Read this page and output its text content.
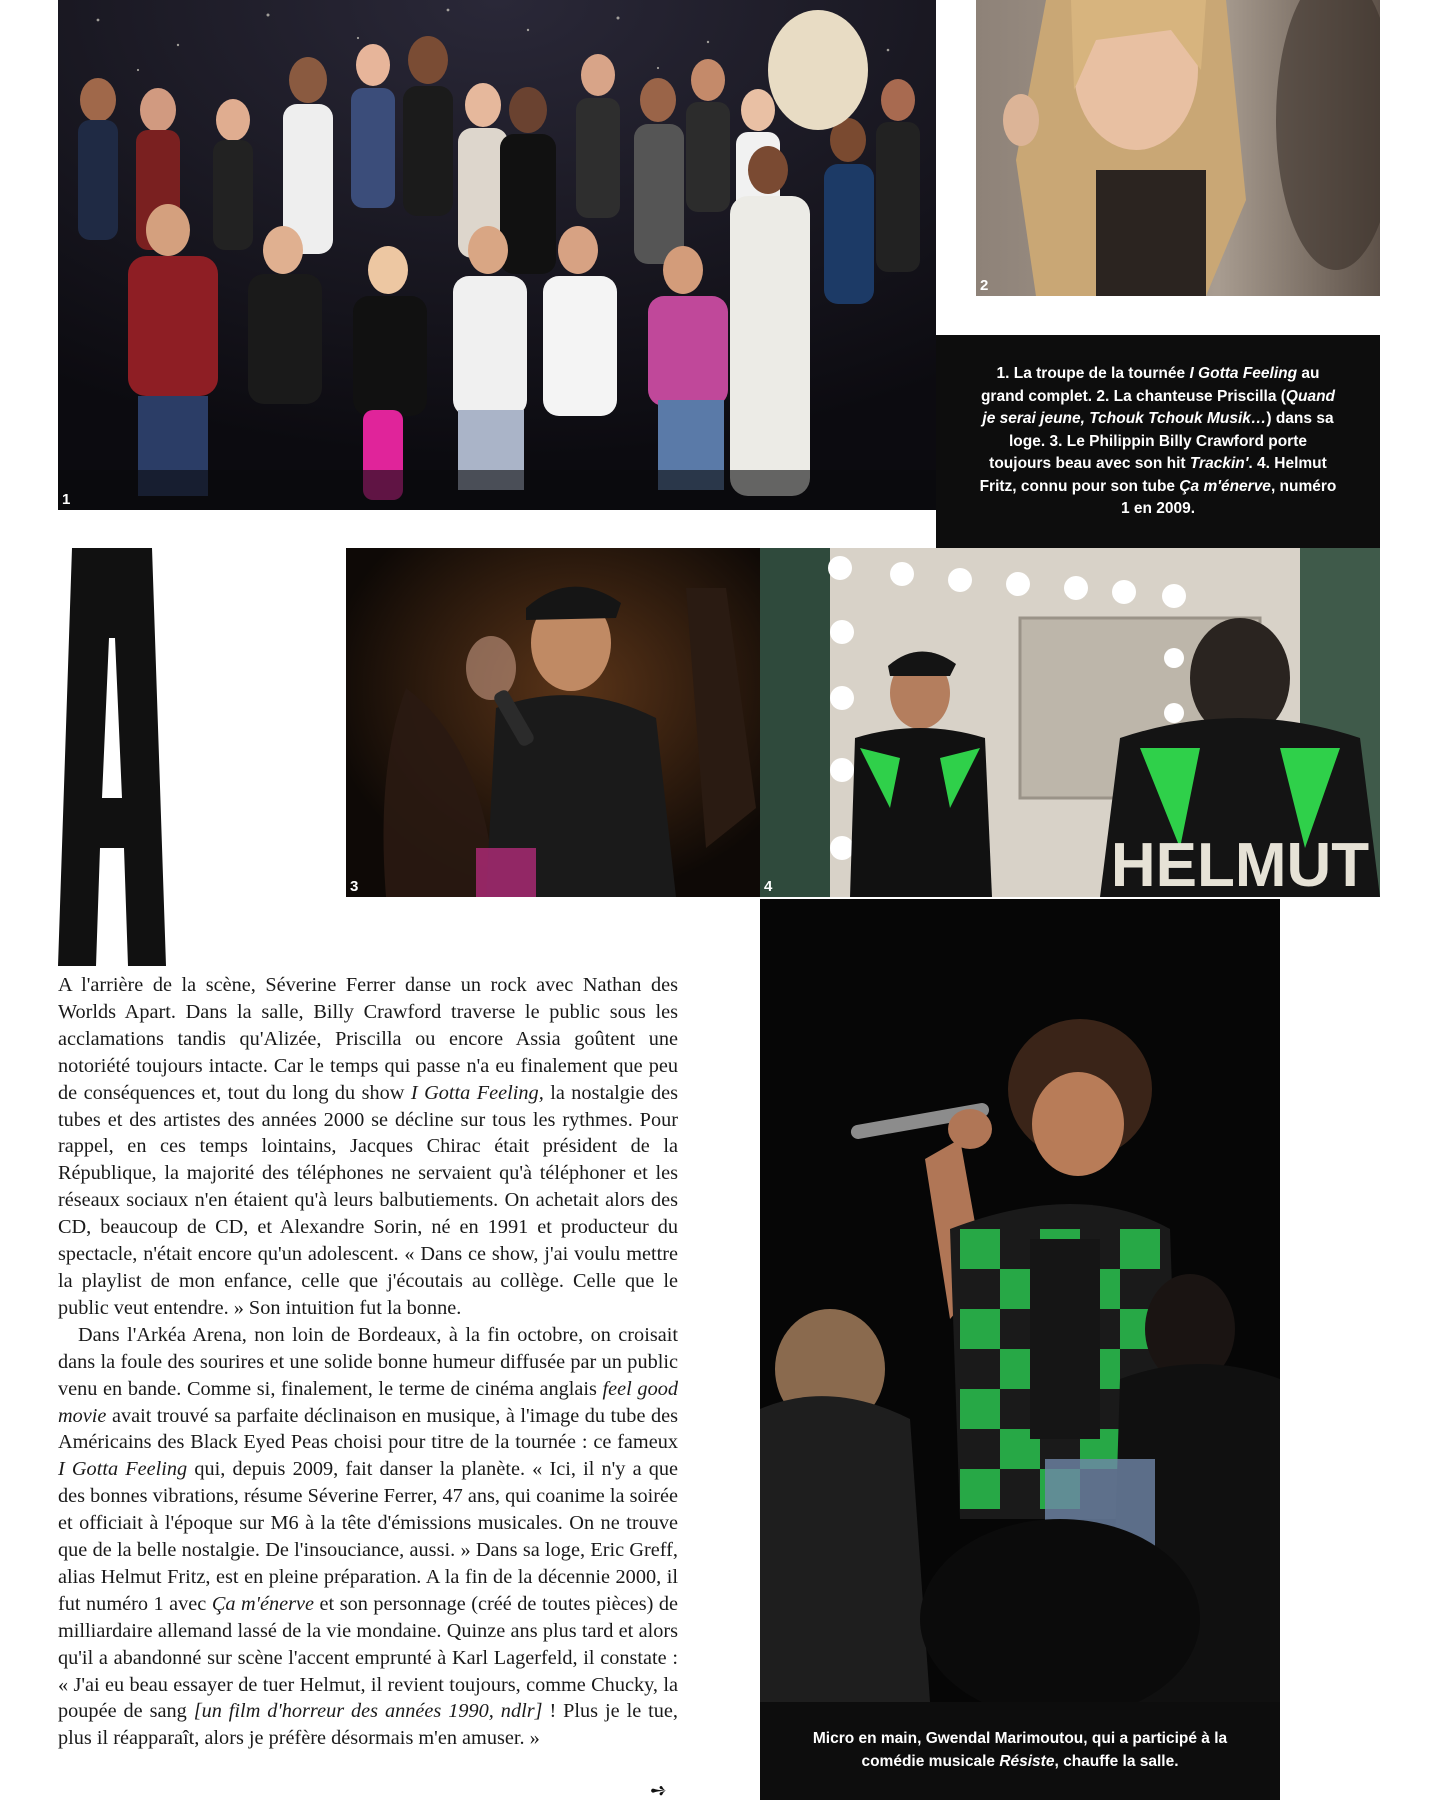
1
2
1. La troupe de la tournée I Gotta Feeling au grand complet. 2. La chanteuse Priscilla (Quand je serai jeune, Tchouk Tchouk Musik…) dans sa loge. 3. Le Philippin Billy Crawford porte toujours beau avec son hit Trackin'. 4. Helmut Fritz, connu pour son tube Ça m'énerve, numéro 1 en 2009.
3	HELMUT
4
Micro en main, Gwendal Marimoutou, qui a participé à la comédie musicale Résiste, chauffe la salle.

A l'arrière de la scène, Séverine Ferrer danse un rock avec Nathan des Worlds Apart. Dans la salle, Billy Crawford traverse le public sous les acclamations tandis qu'Alizée, Priscilla ou encore Assia goûtent une notoriété toujours intacte. Car le temps qui passe n'a eu finalement que peu de conséquences et, tout du long du show I Gotta Feeling, la nostalgie des tubes et des artistes des années 2000 se décline sur tous les rythmes. Pour rappel, en ces temps lointains, Jacques Chirac était président de la République, la majorité des téléphones ne servaient qu'à téléphoner et les réseaux sociaux n'en étaient qu'à leurs balbutiements. On achetait alors des CD, beaucoup de CD, et Alexandre Sorin, né en 1991 et producteur du spectacle, n'était encore qu'un adolescent. « Dans ce show, j'ai voulu mettre la playlist de mon enfance, celle que j'écoutais au collège. Celle que le public veut entendre. » Son intuition fut la bonne.

Dans l'Arkéa Arena, non loin de Bordeaux, à la fin octobre, on croisait dans la foule des sourires et une solide bonne humeur diffusée par un public venu en bande. Comme si, finalement, le terme de cinéma anglais feel good movie avait trouvé sa parfaite déclinaison en musique, à l'image du tube des Américains des Black Eyed Peas choisi pour titre de la tournée : ce fameux I Gotta Feeling qui, depuis 2009, fait danser la planète. « Ici, il n'y a que des bonnes vibrations, résume Séverine Ferrer, 47 ans, qui coanime la soirée et officiait à l'époque sur M6 à la tête d'émissions musicales. On ne trouve que de la belle nostalgie. De l'insouciance, aussi. » Dans sa loge, Eric Greff, alias Helmut Fritz, est en pleine préparation. A la fin de la décennie 2000, il fut numéro 1 avec Ça m'énerve et son personnage (créé de toutes pièces) de milliardaire allemand lassé de la vie mondaine. Quinze ans plus tard et alors qu'il a abandonné sur scène l'accent emprunté à Karl Lagerfeld, il constate : « J'ai eu beau essayer de tuer Helmut, il revient toujours, comme Chucky, la poupée de sang [un film d'horreur des années 1990, ndlr] ! Plus je le tue, plus il réapparaît, alors je préfère désormais m'en amuser. »

➺
